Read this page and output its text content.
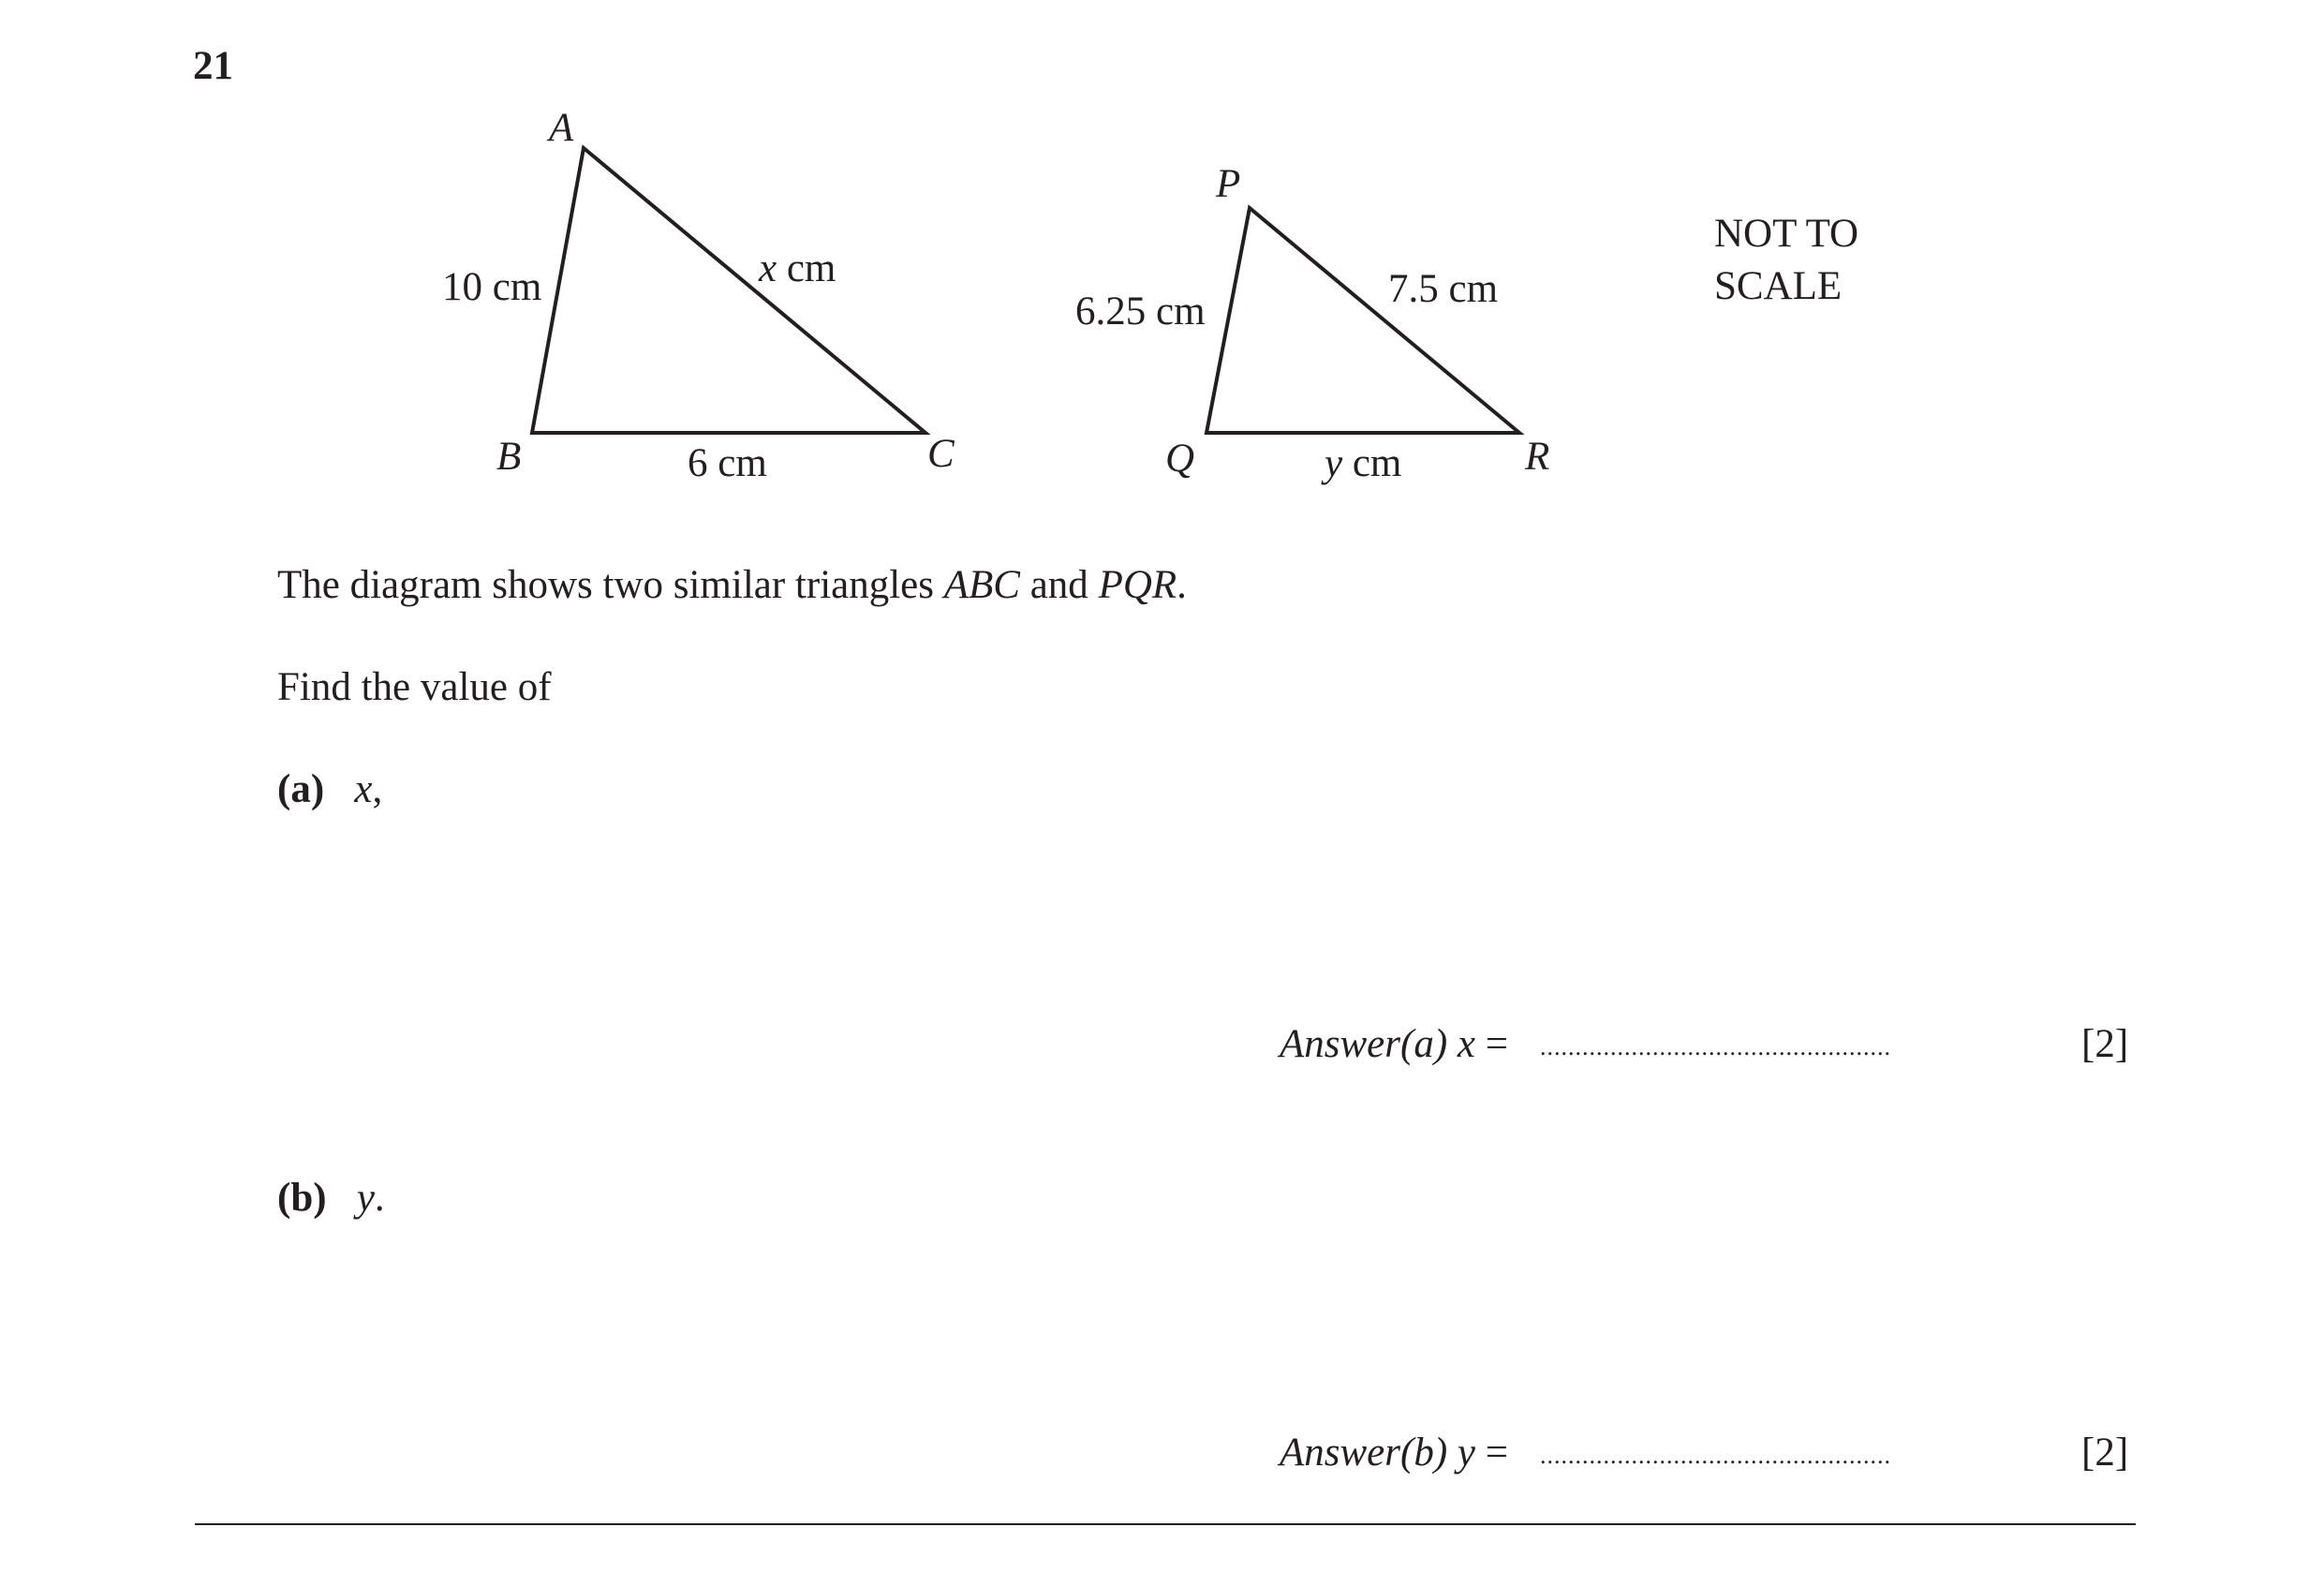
21
A
B	C
10 cm	x cm
6 cm
P
Q	R
6.25 cm
7.5 cm
y cm
NOT TO
SCALE
The diagram shows two similar triangles ABC and PQR.
Find the value of
(a) x,
Answer(a) x = ..................................................	[2]
(b) y.
Answer(b) y = ..................................................	[2]
